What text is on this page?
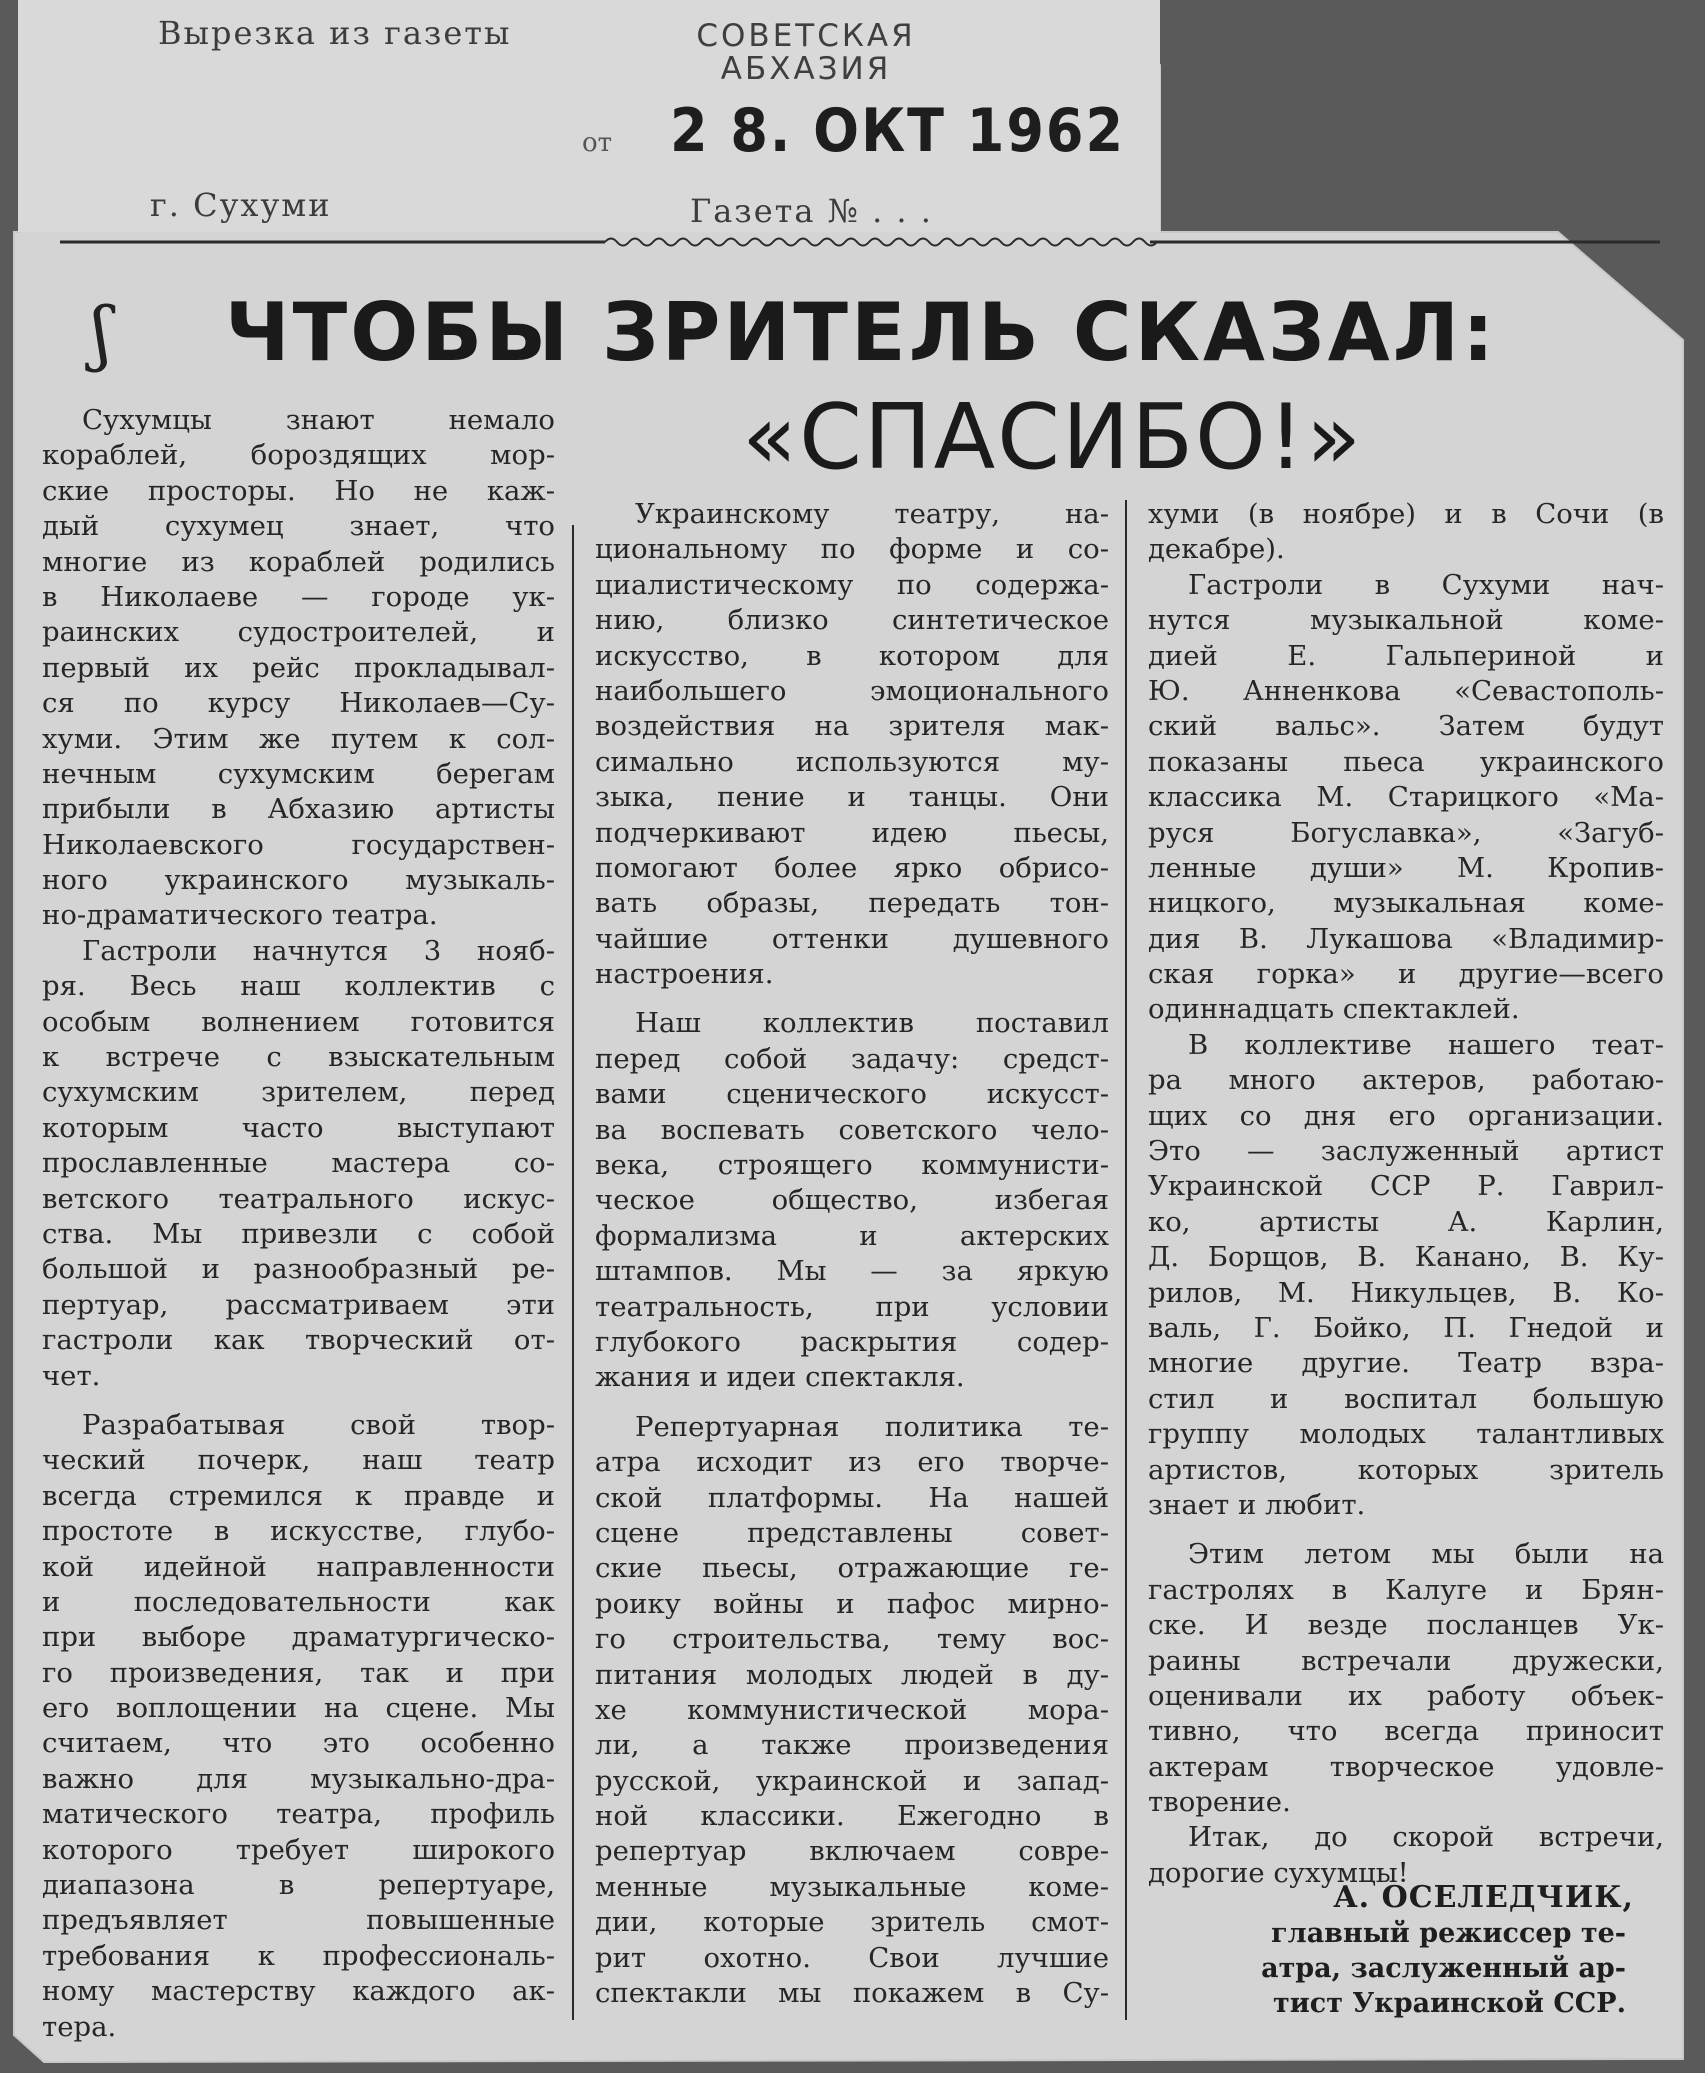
Вырезка из газеты	СОВЕТСКАЯ
АБХАЗИЯ
от 2 8. ОКТ 1962
г. Сухуми	Газета № . . .
ʃ ЧТОБЫ ЗРИТЕЛЬ СКАЗАЛ:
«СПАСИБО!»
Сухумцы знают немало
кораблей, бороздящих мор-
ские просторы. Но не каж-
дый сухумец знает, что
многие из кораблей родились
в Николаеве — городе ук-
раинских судостроителей, и
первый их рейс прокладывал-
ся по курсу Николаев—Су-
хуми. Этим же путем к сол-
нечным сухумским берегам
прибыли в Абхазию артисты
Николаевского государствен-
ного украинского музыкаль-
но-драматического театра.
Гастроли начнутся 3 нояб-
ря. Весь наш коллектив с
особым волнением готовится
к встрече с взыскательным
сухумским зрителем, перед
которым часто выступают
прославленные мастера со-
ветского театрального искус-
ства. Мы привезли с собой
большой и разнообразный ре-
пертуар, рассматриваем эти
гастроли как творческий от-
чет.
Разрабатывая свой твор-
ческий почерк, наш театр
всегда стремился к правде и
простоте в искусстве, глубо-
кой идейной направленности
и последовательности как
при выборе драматургическо-
го произведения, так и при
его воплощении на сцене. Мы
считаем, что это особенно
важно для музыкально-дра-
матического театра, профиль
которого требует широкого
диапазона в репертуаре,
предъявляет повышенные
требования к профессиональ-
ному мастерству каждого ак-
тера.
Украинскому театру, на-
циональному по форме и со-
циалистическому по содержа-
нию, близко синтетическое
искусство, в котором для
наибольшего эмоционального
воздействия на зрителя мак-
симально используются му-
зыка, пение и танцы. Они
подчеркивают идею пьесы,
помогают более ярко обрисо-
вать образы, передать тон-
чайшие оттенки душевного
настроения.
Наш коллектив поставил
перед собой задачу: средст-
вами сценического искусст-
ва воспевать советского чело-
века, строящего коммунисти-
ческое общество, избегая
формализма и актерских
штампов. Мы — за яркую
театральность, при условии
глубокого раскрытия содер-
жания и идеи спектакля.
Репертуарная политика те-
атра исходит из его творче-
ской платформы. На нашей
сцене представлены совет-
ские пьесы, отражающие ге-
роику войны и пафос мирно-
го строительства, тему вос-
питания молодых людей в ду-
хе коммунистической мора-
ли, а также произведения
русской, украинской и запад-
ной классики. Ежегодно в
репертуар включаем совре-
менные музыкальные коме-
дии, которые зритель смот-
рит охотно. Свои лучшие
спектакли мы покажем в Су-
хуми (в ноябре) и в Сочи (в
декабре).
Гастроли в Сухуми нач-
нутся музыкальной коме-
дией Е. Гальпериной и
Ю. Анненкова «Севастополь-
ский вальс». Затем будут
показаны пьеса украинского
классика М. Старицкого «Ма-
руся Богуславка», «Загуб-
ленные души» М. Кропив-
ницкого, музыкальная коме-
дия В. Лукашова «Владимир-
ская горка» и другие—всего
одиннадцать спектаклей.
В коллективе нашего теат-
ра много актеров, работаю-
щих со дня его организации.
Это — заслуженный артист
Украинской ССР Р. Гаврил-
ко, артисты А. Карлин,
Д. Борщов, В. Канано, В. Ку-
рилов, М. Никульцев, В. Ко-
валь, Г. Бойко, П. Гнедой и
многие другие. Театр взра-
стил и воспитал большую
группу молодых талантливых
артистов, которых зритель
знает и любит.
Этим летом мы были на
гастролях в Калуге и Брян-
ске. И везде посланцев Ук-
раины встречали дружески,
оценивали их работу объек-
тивно, что всегда приносит
актерам творческое удовле-
творение.
Итак, до скорой встречи,
дорогие сухумцы!
А. ОСЕЛЕДЧИК,
главный режиссер те-
атра, заслуженный ар-
тист Украинской ССР.
